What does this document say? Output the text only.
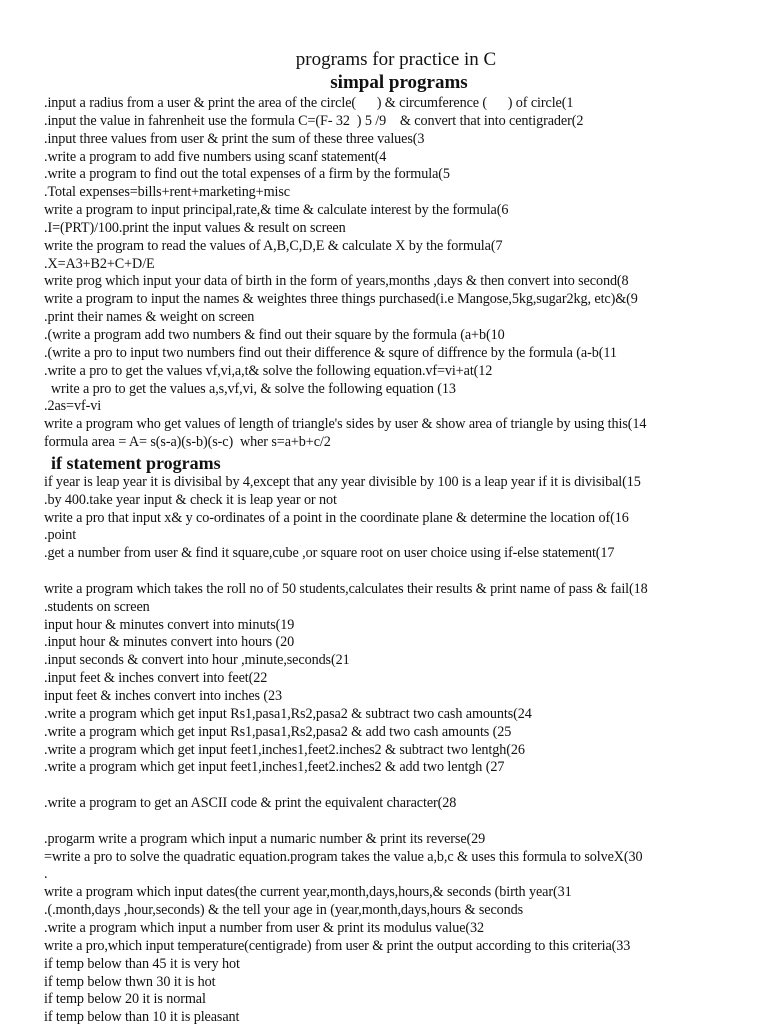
programs for practice in C
simpal programs
.input a radius from a user & print the area of the circle(      ) & circumference (      ) of circle(1
.input the value in fahrenheit use the formula C=(F- 32  ) 5 /9    & convert that into centigrader(2
.input three values from user & print the sum of these three values(3
.write a program to add five numbers using scanf statement(4
.write a program to find out the total expenses of a firm by the formula(5
.Total expenses=bills+rent+marketing+misc
write a program to input principal,rate,& time & calculate interest by the formula(6
.I=(PRT)/100.print the input values & result on screen
write the program to read the values of A,B,C,D,E & calculate X by the formula(7
.X=A3+B2+C+D/E
write prog which input your data of birth in the form of years,months ,days & then convert into second(8
write a program to input the names & weightes three things purchased(i.e Mangose,5kg,sugar2kg, etc)&(9
.print their names & weight on screen
.(write a program add two numbers & find out their square by the formula (a+b(10
.(write a pro to input two numbers find out their difference & squre of diffrence by the formula (a-b(11
.write a pro to get the values vf,vi,a,t& solve the following equation.vf=vi+at(12
write a pro to get the values a,s,vf,vi, & solve the following equation (13
.2as=vf-vi
write a program who get values of length of triangle's sides by user & show area of triangle by using this(14
formula area = A= s(s-a)(s-b)(s-c)  wher s=a+b+c/2
if statement programs
if year is leap year it is divisibal by 4,except that any year divisible by 100 is a leap year if it is divisibal(15
.by 400.take year input & check it is leap year or not
write a pro that input x& y co-ordinates of a point in the coordinate plane & determine the location of(16
.point
.get a number from user & find it square,cube ,or square root on user choice using if-else statement(17
write a program which takes the roll no of 50 students,calculates their results & print name of pass & fail(18
.students on screen
input hour & minutes convert into minuts(19
.input hour & minutes convert into hours (20
.input seconds & convert into hour ,minute,seconds(21
.input feet & inches convert into feet(22
input feet & inches convert into inches (23
.write a program which get input Rs1,pasa1,Rs2,pasa2 & subtract two cash amounts(24
.write a program which get input Rs1,pasa1,Rs2,pasa2 & add two cash amounts (25
.write a program which get input feet1,inches1,feet2.inches2 & subtract two lentgh(26
.write a program which get input feet1,inches1,feet2.inches2 & add two lentgh (27
.write a program to get an ASCII code & print the equivalent character(28
.progarm write a program which input a numaric number & print its reverse(29
=write a pro to solve the quadratic equation.program takes the value a,b,c & uses this formula to solveX(30
.
write a program which input dates(the current year,month,days,hours,& seconds (birth year(31
.(.month,days ,hour,seconds) & the tell your age in (year,month,days,hours & seconds
.write a program which input a number from user & print its modulus value(32
write a pro,which input temperature(centigrade) from user & print the output according to this criteria(33
if temp below than 45 it is very hot
if temp below thwn 30 it is hot
if temp below 20 it is normal
if temp below than 10 it is pleasant
